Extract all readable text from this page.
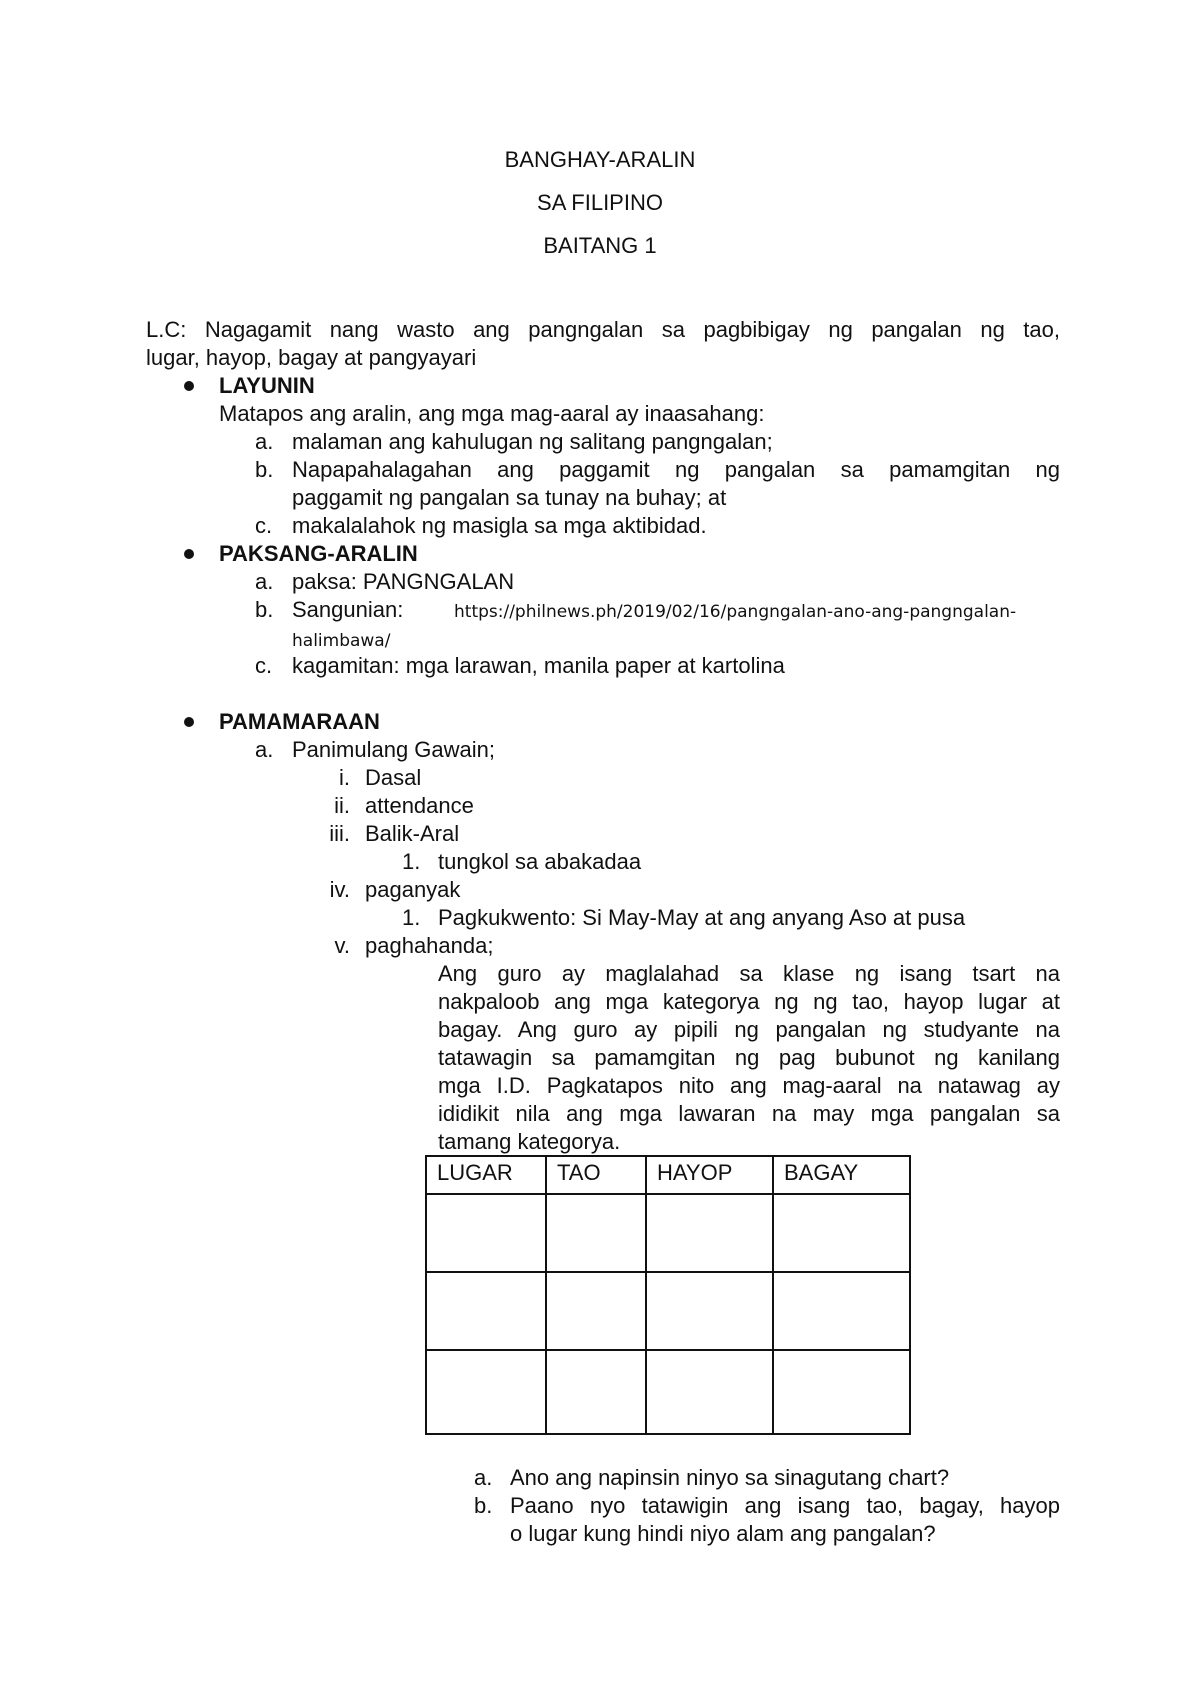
BANGHAY-ARALIN
SA FILIPINO
BAITANG 1
L.C: Nagagamit nang wasto ang pangngalan sa pagbibigay ng pangalan ng tao,
lugar, hayop, bagay at pangyayari
LAYUNIN
Matapos ang aralin, ang mga mag-aaral ay inaasahang:
a. malaman ang kahulugan ng salitang pangngalan;
b. Napapahalagahan ang paggamit ng pangalan sa pamamgitan ng
paggamit ng pangalan sa tunay na buhay; at
c. makalalahok ng masigla sa mga aktibidad.
PAKSANG-ARALIN
a. paksa: PANGNGALAN
b. Sangunian:	https://philnews.ph/2019/02/16/pangngalan-ano-ang-pangngalan-
halimbawa/
c. kagamitan: mga larawan, manila paper at kartolina
PAMAMARAAN
a. Panimulang Gawain;
i. Dasal
ii. attendance
iii. Balik-Aral
1. tungkol sa abakadaa
iv. paganyak
1. Pagkukwento: Si May-May at ang anyang Aso at pusa
v. paghahanda;
Ang guro ay maglalahad sa klase ng isang tsart na
nakpaloob ang mga kategorya ng ng tao, hayop lugar at
bagay. Ang guro ay pipili ng pangalan ng studyante na
tatawagin sa pamamgitan ng pag bubunot ng kanilang
mga I.D. Pagkatapos nito ang mag-aaral na natawag ay
ididikit nila ang mga lawaran na may mga pangalan sa
tamang kategorya.
LUGAR	TAO	HAYOP	BAGAY

a. Ano ang napinsin ninyo sa sinagutang chart?
b. Paano nyo tatawigin ang isang tao, bagay, hayop
o lugar kung hindi niyo alam ang pangalan?
